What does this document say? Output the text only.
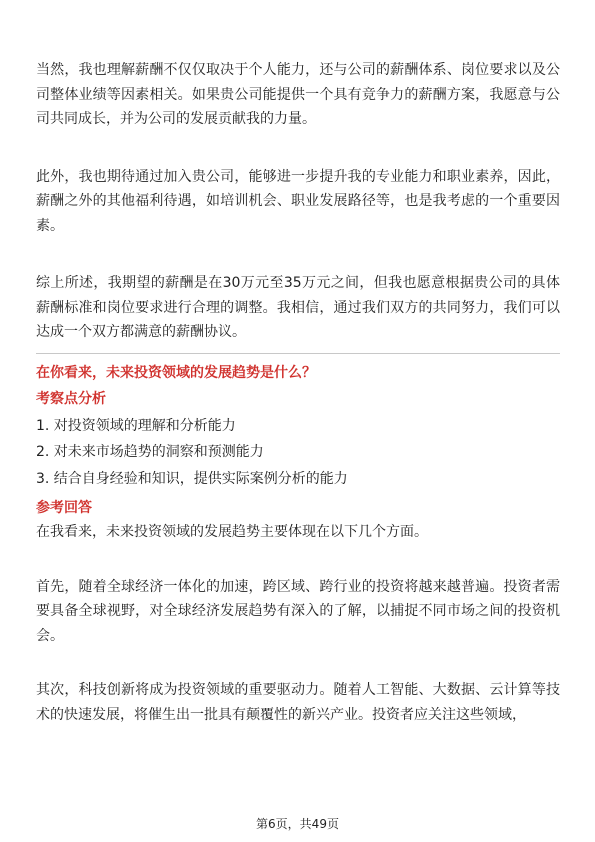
当然，我也理解薪酬不仅仅取决于个人能力，还与公司的薪酬体系、岗位要求以及公司整体业绩等因素相关。如果贵公司能提供一个具有竞争力的薪酬方案，我愿意与公司共同成长，并为公司的发展贡献我的力量。

此外，我也期待通过加入贵公司，能够进一步提升我的专业能力和职业素养，因此，薪酬之外的其他福利待遇，如培训机会、职业发展路径等，也是我考虑的一个重要因素。

综上所述，我期望的薪酬是在30万元至35万元之间，但我也愿意根据贵公司的具体薪酬标准和岗位要求进行合理的调整。我相信，通过我们双方的共同努力，我们可以达成一个双方都满意的薪酬协议。

在你看来，未来投资领域的发展趋势是什么？
考察点分析
1. 对投资领域的理解和分析能力
2. 对未来市场趋势的洞察和预测能力
3. 结合自身经验和知识，提供实际案例分析的能力
参考回答

在我看来，未来投资领域的发展趋势主要体现在以下几个方面。

首先，随着全球经济一体化的加速，跨区域、跨行业的投资将越来越普遍。投资者需要具备全球视野，对全球经济发展趋势有深入的了解，以捕捉不同市场之间的投资机会。

其次，科技创新将成为投资领域的重要驱动力。随着人工智能、大数据、云计算等技术的快速发展，将催生出一批具有颠覆性的新兴产业。投资者应关注这些领域，

第6页，共49页
